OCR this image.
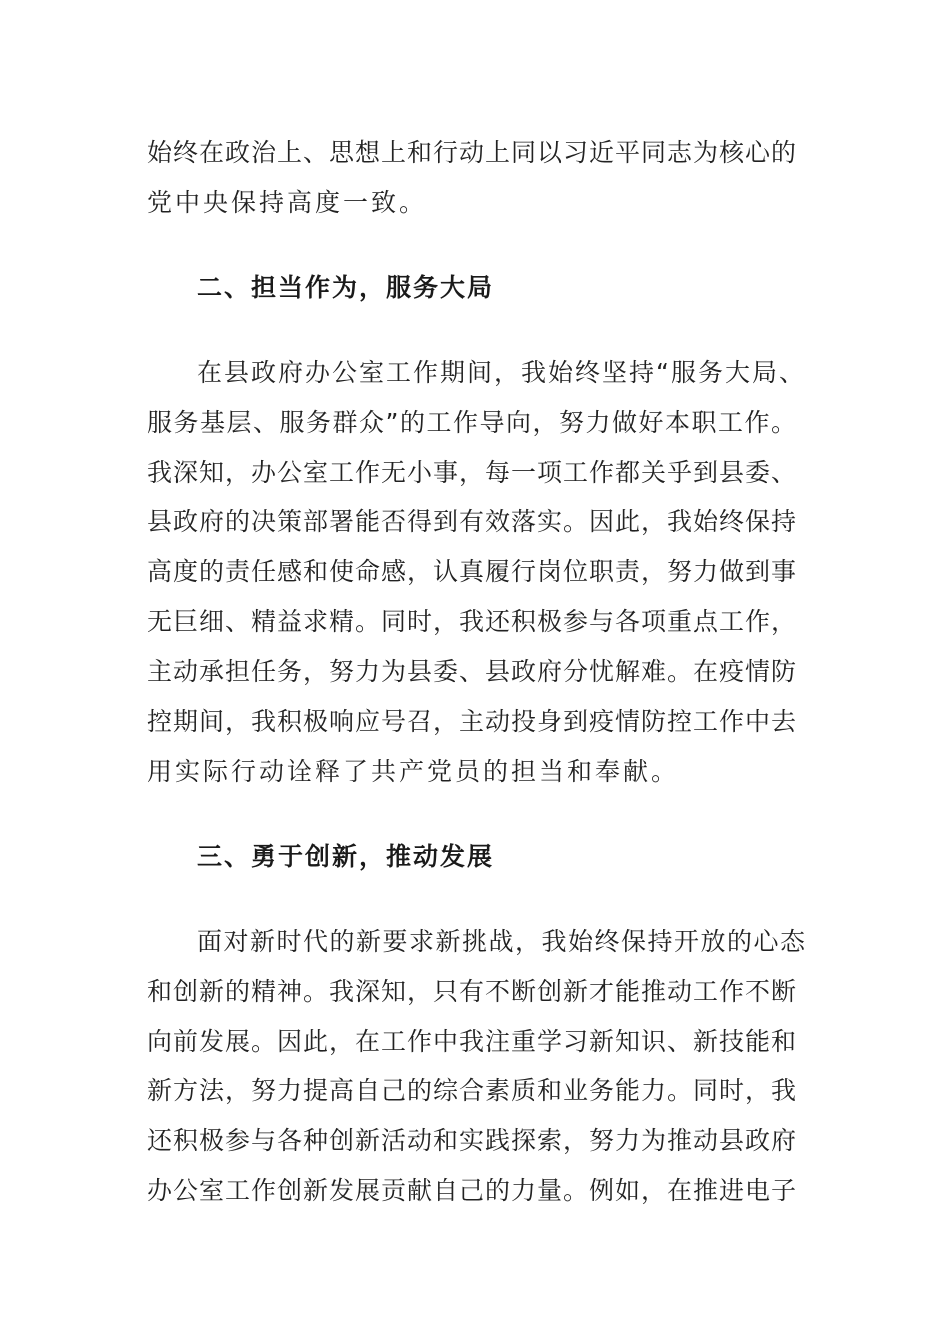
始终在政治上、思想上和行动上同以习近平同志为核心的
党中央保持高度一致。
二、担当作为，服务大局
在县政府办公室工作期间，我始终坚持“服务大局、
服务基层、服务群众”的工作导向，努力做好本职工作。
我深知，办公室工作无小事，每一项工作都关乎到县委、
县政府的决策部署能否得到有效落实。因此，我始终保持
高度的责任感和使命感，认真履行岗位职责，努力做到事
无巨细、精益求精。同时，我还积极参与各项重点工作，
主动承担任务，努力为县委、县政府分忧解难。在疫情防
控期间，我积极响应号召，主动投身到疫情防控工作中去
用实际行动诠释了共产党员的担当和奉献。
三、勇于创新，推动发展
面对新时代的新要求新挑战，我始终保持开放的心态
和创新的精神。我深知，只有不断创新才能推动工作不断
向前发展。因此，在工作中我注重学习新知识、新技能和
新方法，努力提高自己的综合素质和业务能力。同时，我
还积极参与各种创新活动和实践探索，努力为推动县政府
办公室工作创新发展贡献自己的力量。例如，在推进电子
